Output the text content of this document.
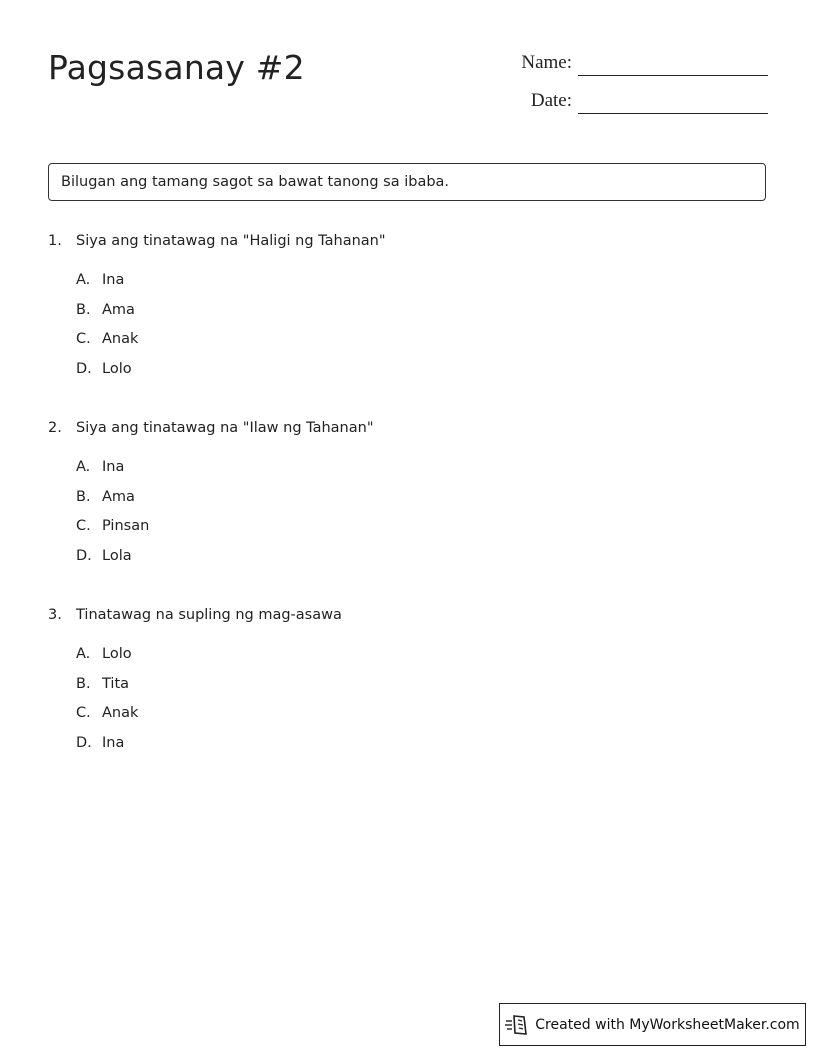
Pagsasanay #2	Name:
Date:
Bilugan ang tamang sagot sa bawat tanong sa ibaba.
1. Siya ang tinatawag na "Haligi ng Tahanan"
A. Ina
B. Ama
C. Anak
D. Lolo
2. Siya ang tinatawag na "Ilaw ng Tahanan"
A. Ina
B. Ama
C. Pinsan
D. Lola
3. Tinatawag na supling ng mag-asawa
A. Lolo
B. Tita
C. Anak
D. Ina
Created with MyWorksheetMaker.com
